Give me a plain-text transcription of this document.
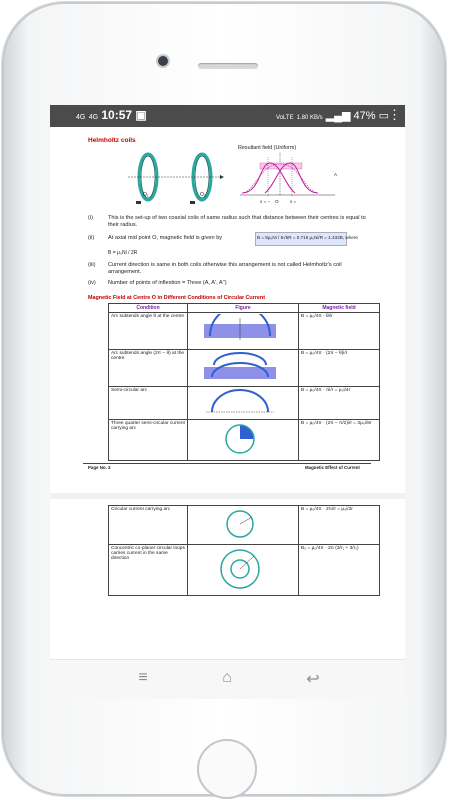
4G 4G 10:57 ▣	VoLTE 1.80 KB/s ▂▄▆ 47% ▭ ⋮
Helmholtz coils
Resultant field (Uniform)
O₁	O₂
x = − O x =
A
(i)	This is the set-up of two coaxial coils of same radius such that distance between their centres is equal to their radius.
(ii) At axial mid point O, magnetic field is given by	B = 8μ₀Ni / 5√5R = 0.716 μ₀Ni/R = 1.432B, where
B = μ₀Ni / 2R
(iii) Current direction is same in both coils otherwise this arrangement is not called Helmholtz's coil arrangement.
(iv) Number of points of inflextion = Three (A, A', A'')
Magnetic Field at Centre O in Different Conditions of Circular Current
Condition	Figure	Magnetic field
Arc subtends angle θ at the centre		B = μ₀/4π · θi/r
Arc subtends angle (2π − θ) at the centre		B = μ₀/4π · (2π − θ)i/r
Semi-circular arc		B = μ₀/4π · πi/r = μ₀i/4r
Three quarter semi-circular current carrying arc		B = μ₀/4π · (2π − π/2)i/r = 3μ₀i/8r
Page No. 3	Magnetic Effect of Current
Circular current carrying arc		B = μ₀/4π · 2πi/r = μ₀i/2r
Concentric co-planer circular loops carries current in the same direction		B₀ = μ₀/4π · 2π (3/r₁ + 3/r₂)
≡	⌂	↩
